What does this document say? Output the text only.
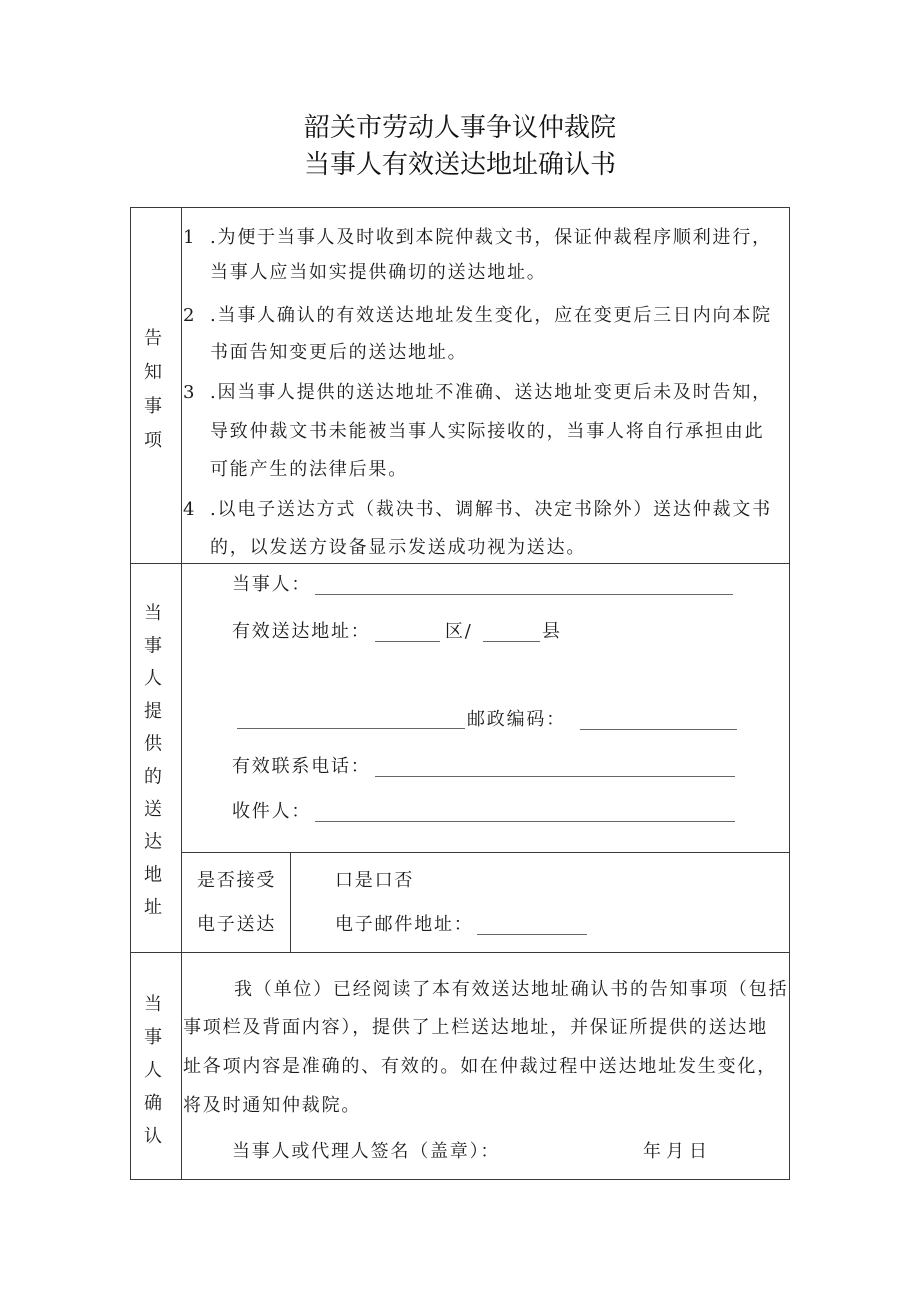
韶关市劳动人事争议仲裁院
当事人有效送达地址确认书
告知事项
1 .为便于当事人及时收到本院仲裁文书，保证仲裁程序顺利进行，
当事人应当如实提供确切的送达地址。
2 .当事人确认的有效送达地址发生变化，应在变更后三日内向本院
书面告知变更后的送达地址。
3 .因当事人提供的送达地址不准确、送达地址变更后未及时告知，
导致仲裁文书未能被当事人实际接收的，当事人将自行承担由此
可能产生的法律后果。
4 .以电子送达方式（裁决书、调解书、决定书除外）送达仲裁文书
的，以发送方设备显示发送成功视为送达。
当事人提供的送达地址
当事人：
有效送达地址：	区/	县
邮政编码：
有效联系电话：
收件人：
是否接受
电子送达
口是口否
电子邮件地址：
当事人确认
我（单位）已经阅读了本有效送达地址确认书的告知事项（包括
事项栏及背面内容），提供了上栏送达地址，并保证所提供的送达地
址各项内容是准确的、有效的。如在仲裁过程中送达地址发生变化，
将及时通知仲裁院。
当事人或代理人签名（盖章）：	年月日
